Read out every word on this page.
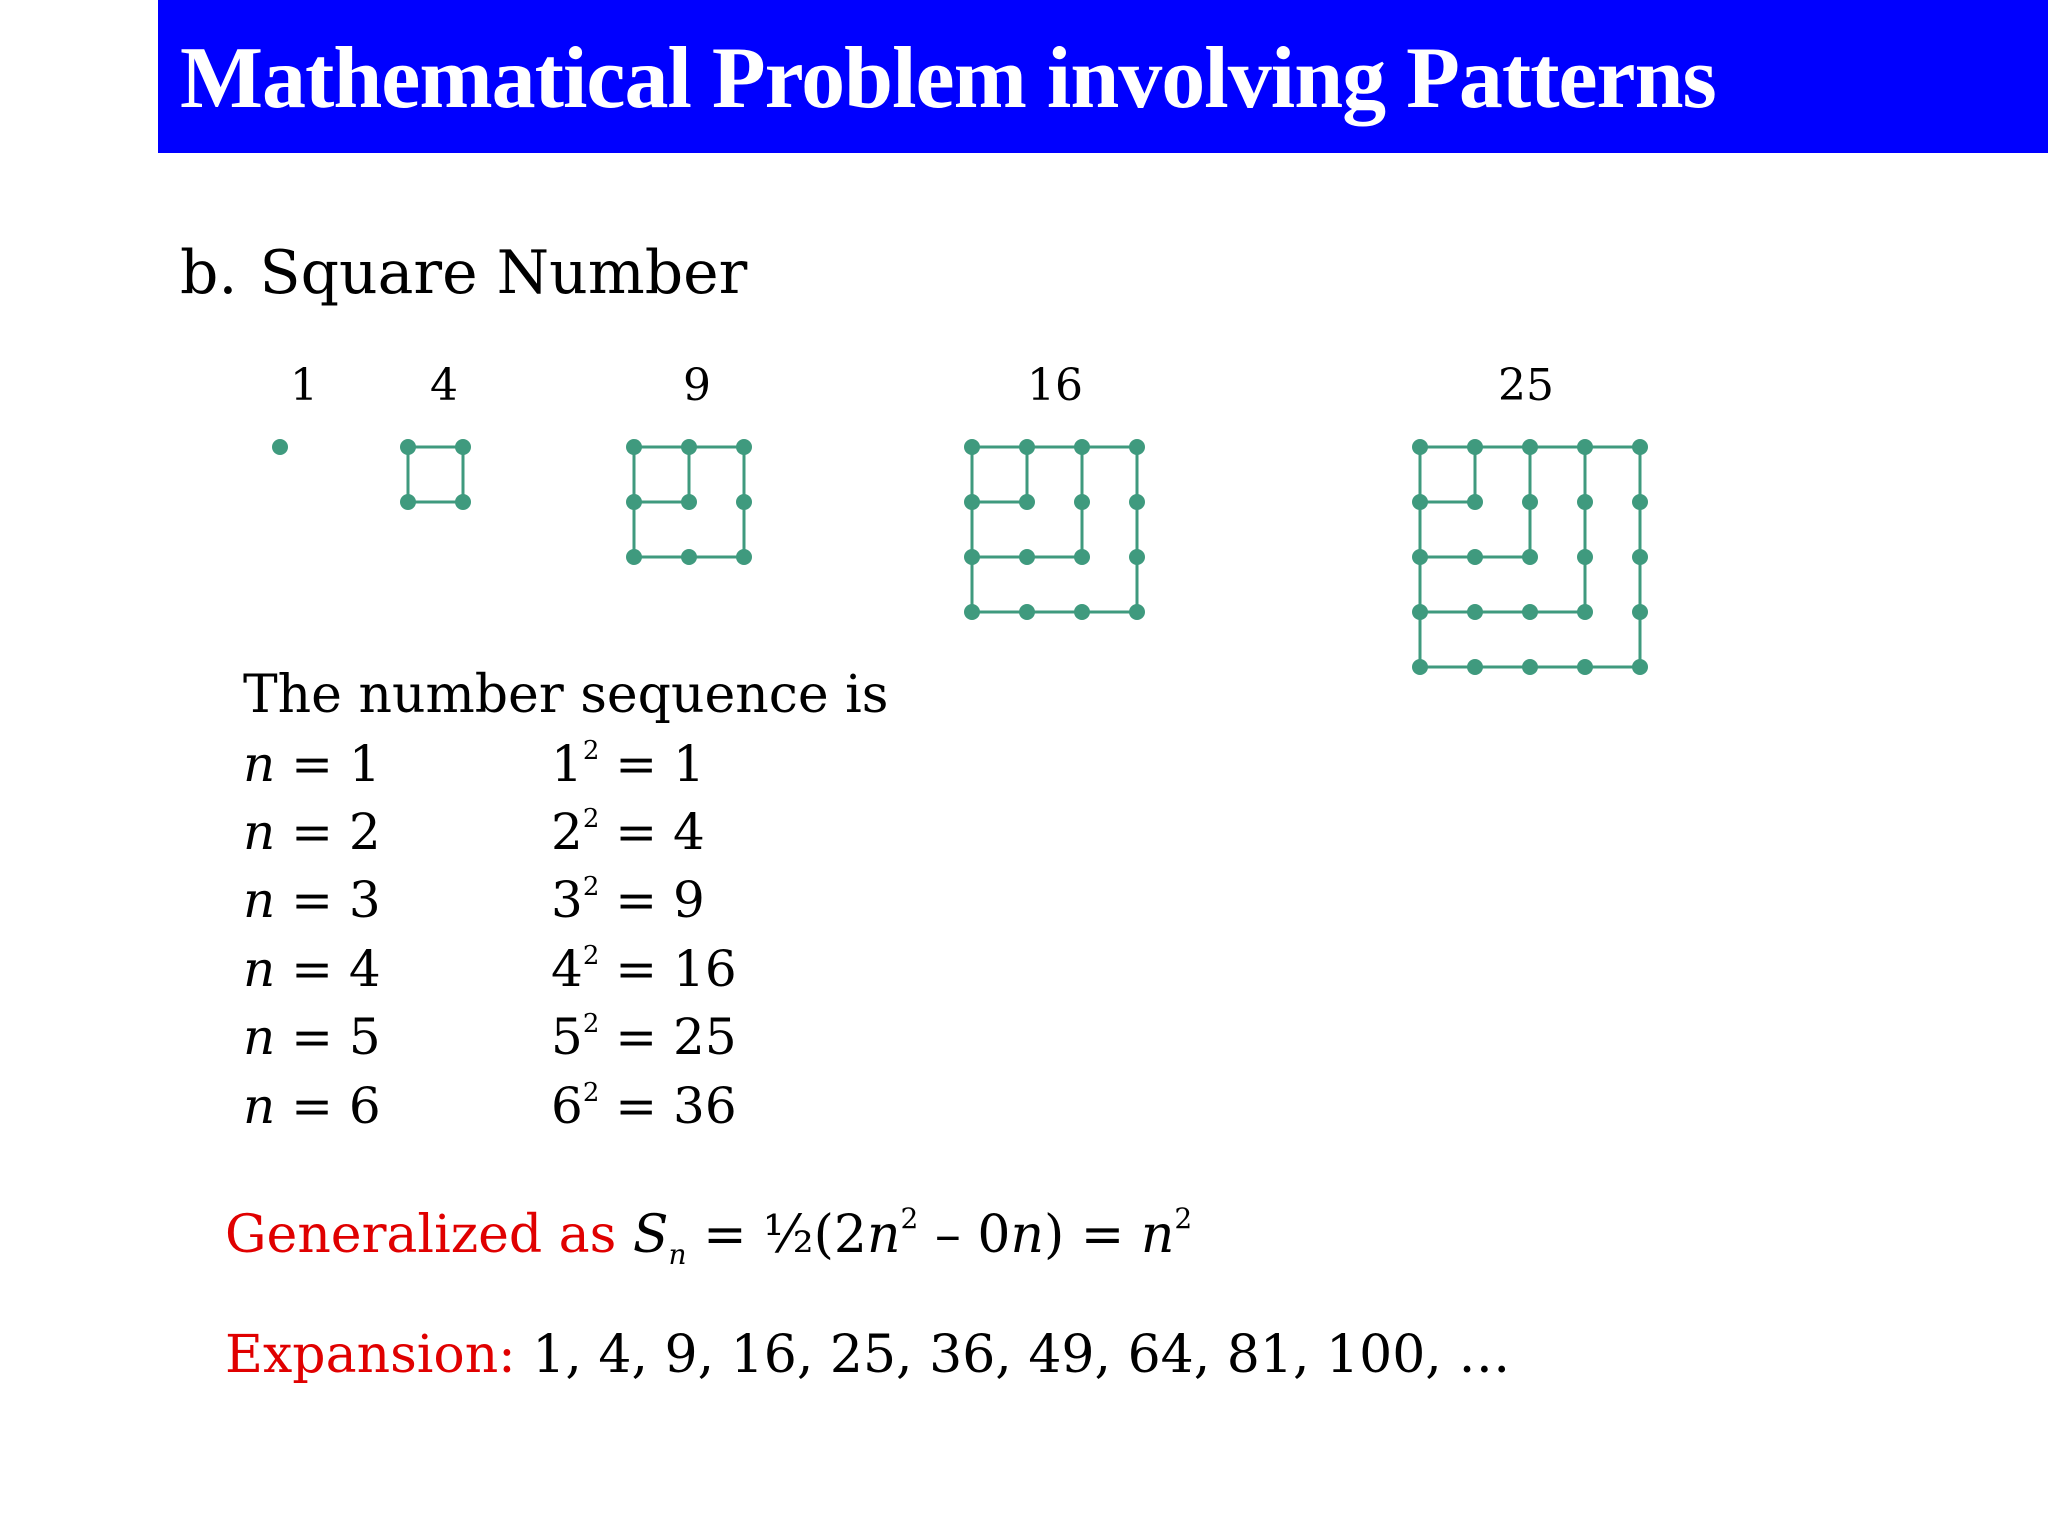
Mathematical Problem involving Patterns
b. Square Number
1	4	9	16	25
The number sequence is
n = 1	$1^2 = 1$
n = 2	$2^2 = 4$
n = 3	$3^2 = 9$
n = 4	$4^2 = 16$
n = 5	$5^2 = 25$
n = 6	$6^2 = 36$
Generalized as $S_n$ = $\frac{1}{2}(2n^2 - 0n) = n^2$
Expansion: 1, 4, 9, 16, 25, 36, 49, 64, 81, 100, …
